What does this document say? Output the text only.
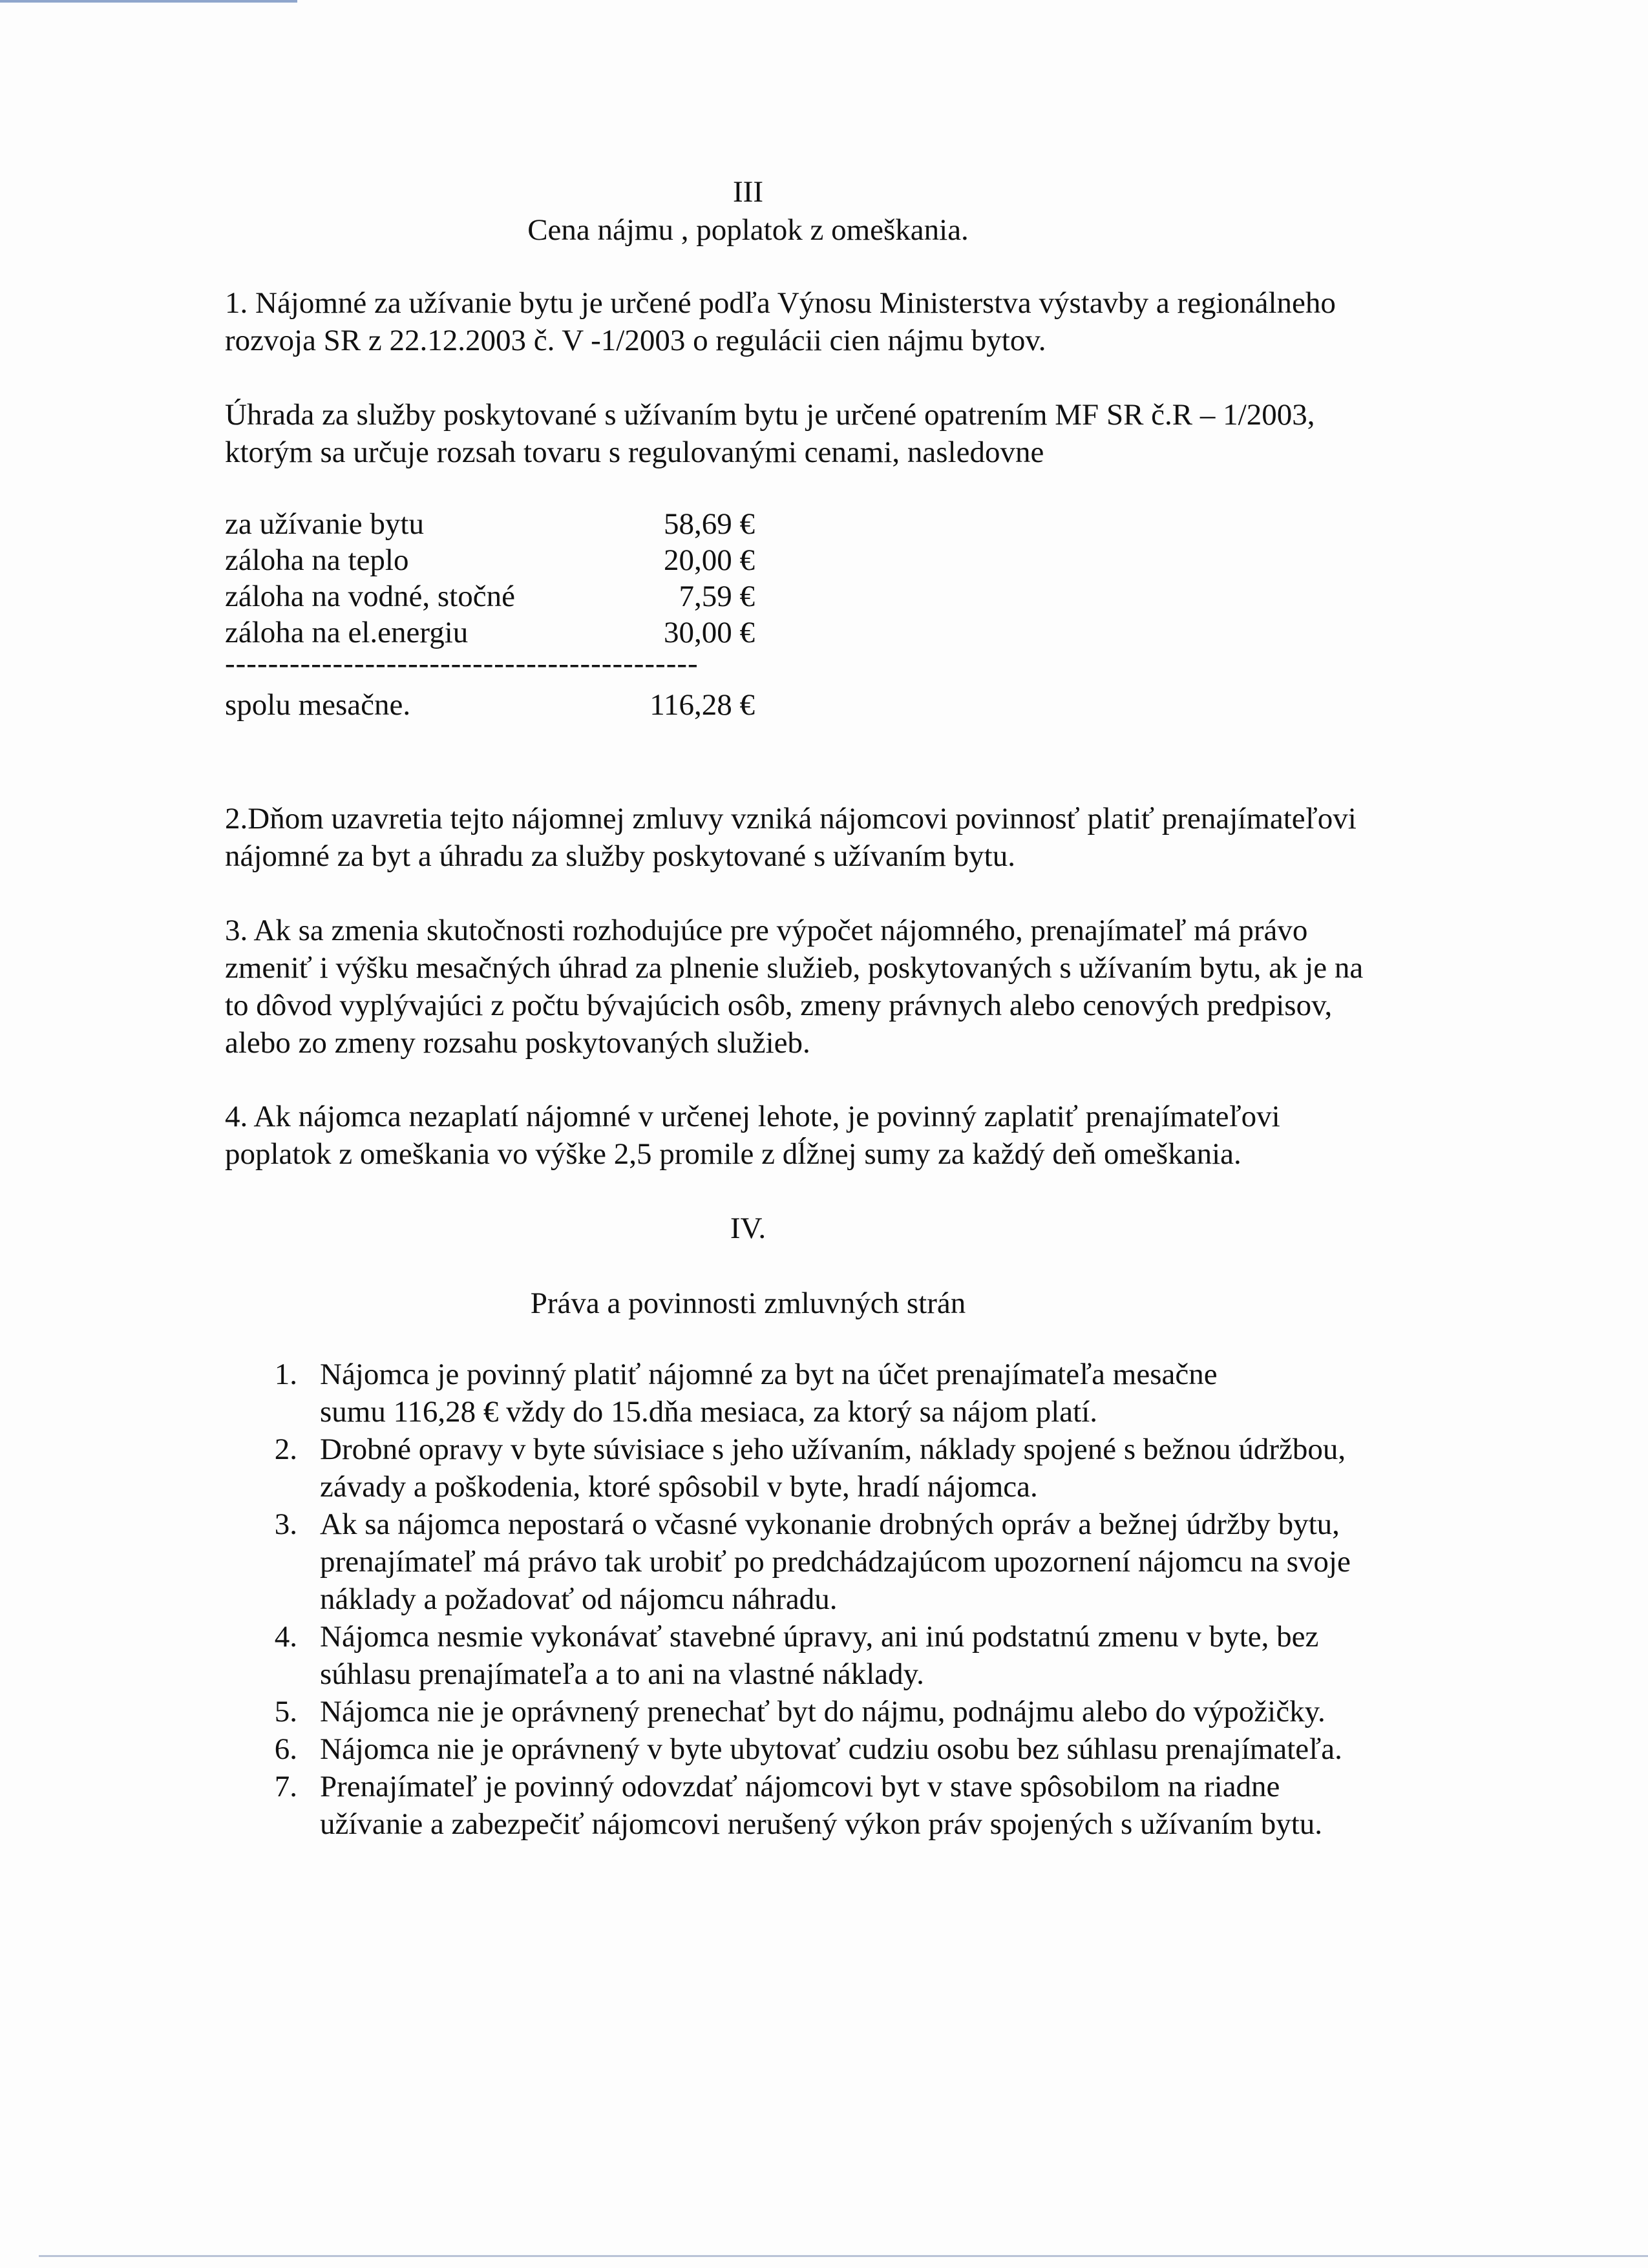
III
Cena nájmu , poplatok z omeškania.
1. Nájomné za užívanie bytu je určené podľa Výnosu Ministerstva výstavby a regionálneho
rozvoja SR z 22.12.2003 č. V -1/2003 o regulácii cien nájmu bytov.
Úhrada za služby poskytované s užívaním bytu je určené opatrením MF SR č.R – 1/2003,
ktorým sa určuje rozsah tovaru s regulovanými cenami, nasledovne
za užívanie bytu	58,69 €
záloha na teplo	20,00 €
záloha na vodné, stočné	7,59 €
záloha na el.energiu	30,00 €
--------------------------------------------
spolu mesačne.	116,28 €
2.Dňom uzavretia tejto nájomnej zmluvy vzniká nájomcovi povinnosť platiť prenajímateľovi
nájomné za byt a úhradu za služby poskytované s užívaním bytu.
3. Ak sa zmenia skutočnosti rozhodujúce pre výpočet nájomného, prenajímateľ má právo
zmeniť i výšku mesačných úhrad za plnenie služieb, poskytovaných s užívaním bytu, ak je na
to dôvod vyplývajúci z počtu bývajúcich osôb, zmeny právnych alebo cenových predpisov,
alebo zo zmeny rozsahu poskytovaných služieb.
4. Ak nájomca nezaplatí nájomné v určenej lehote, je povinný zaplatiť prenajímateľovi
poplatok z omeškania vo výške 2,5 promile z dĺžnej sumy za každý deň omeškania.
IV.
Práva a povinnosti zmluvných strán
1. Nájomca je povinný platiť nájomné za byt na účet prenajímateľa mesačne
sumu 116,28 € vždy do 15.dňa mesiaca, za ktorý sa nájom platí.
2. Drobné opravy v byte súvisiace s jeho užívaním, náklady spojené s bežnou údržbou,
závady a poškodenia, ktoré spôsobil v byte, hradí nájomca.
3. Ak sa nájomca nepostará o včasné vykonanie drobných opráv a bežnej údržby bytu,
prenajímateľ má právo tak urobiť po predchádzajúcom upozornení nájomcu na svoje
náklady a požadovať od nájomcu náhradu.
4. Nájomca nesmie vykonávať stavebné úpravy, ani inú podstatnú zmenu v byte, bez
súhlasu prenajímateľa a to ani na vlastné náklady.
5. Nájomca nie je oprávnený prenechať byt do nájmu, podnájmu alebo do výpožičky.
6. Nájomca nie je oprávnený v byte ubytovať cudziu osobu bez súhlasu prenajímateľa.
7. Prenajímateľ je povinný odovzdať nájomcovi byt v stave spôsobilom na riadne
užívanie a zabezpečiť nájomcovi nerušený výkon práv spojených s užívaním bytu.
